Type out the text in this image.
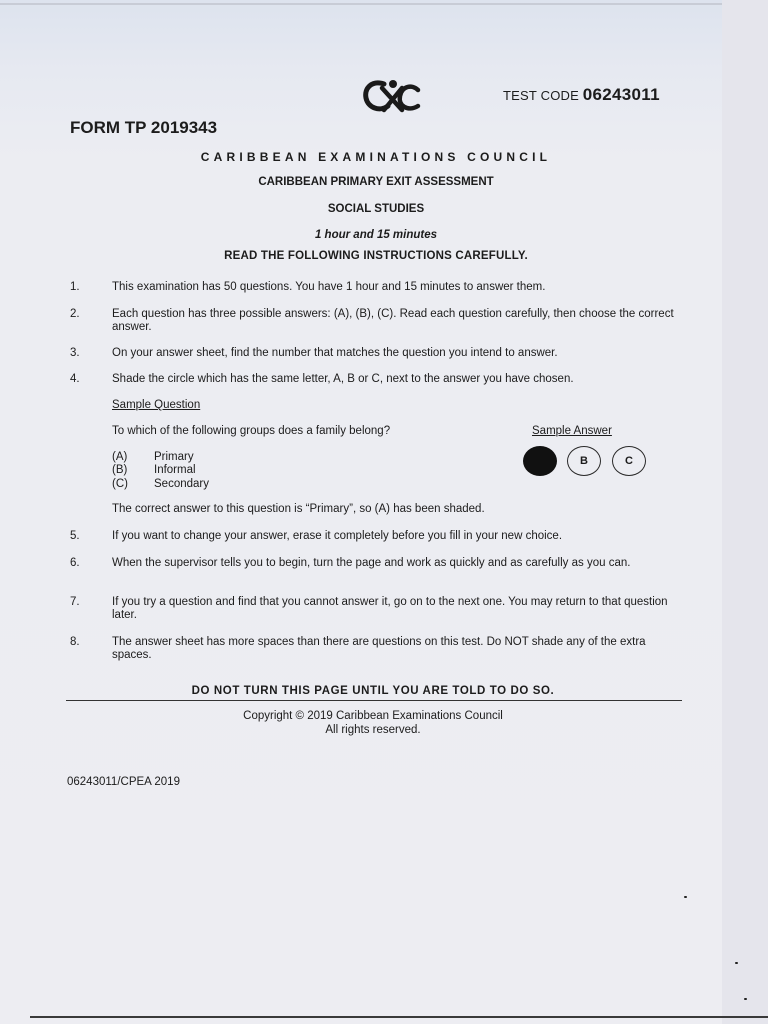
TEST CODE 06243011
FORM TP 2019343
CARIBBEAN EXAMINATIONS COUNCIL
CARIBBEAN PRIMARY EXIT ASSESSMENT
SOCIAL STUDIES
1 hour and 15 minutes
READ THE FOLLOWING INSTRUCTIONS CAREFULLY.
1.	This examination has 50 questions. You have 1 hour and 15 minutes to answer them.
2.	Each question has three possible answers: (A), (B), (C). Read each question carefully, then choose the correct answer.
3.	On your answer sheet, find the number that matches the question you intend to answer.
4.	Shade the circle which has the same letter, A, B or C, next to the answer you have chosen.
Sample Question
To which of the following groups does a family belong?	Sample Answer
(A) Primary
(B) Informal
(C) Secondary
B	C
The correct answer to this question is “Primary”, so (A) has been shaded.
5.	If you want to change your answer, erase it completely before you fill in your new choice.
6.	When the supervisor tells you to begin, turn the page and work as quickly and as carefully as you can.
7.	If you try a question and find that you cannot answer it, go on to the next one. You may return to that question later.
8.	The answer sheet has more spaces than there are questions on this test. Do NOT shade any of the extra spaces.
DO NOT TURN THIS PAGE UNTIL YOU ARE TOLD TO DO SO.
Copyright © 2019 Caribbean Examinations Council
All rights reserved.
06243011/CPEA 2019
